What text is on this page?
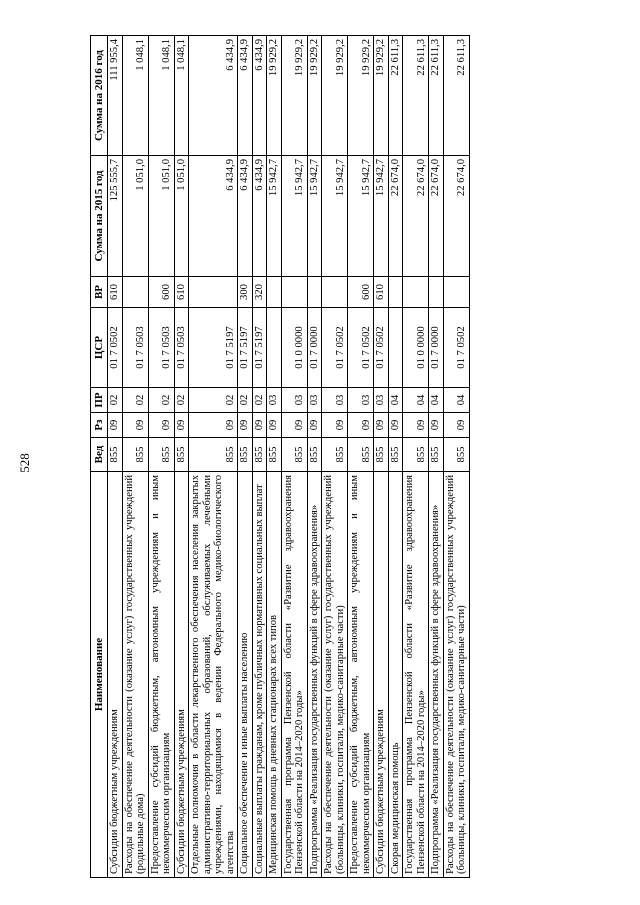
528
Наименование	Вед	Рз	ПР	ЦСР	ВР	Сумма на 2015 год	Сумма на 2016 год
Субсидии бюджетным учреждениям	855	09	02	01 7 0502	610	125 555,7	111 955,4
Расходы на обеспечение деятельности (оказание услуг) государственных учреждений (родильные дома)	855	09	02	01 7 0503		1 051,0	1 048,1
Предоставление субсидий бюджетным, автономным учреждениям и иным некоммерческим организациям	855	09	02	01 7 0503	600	1 051,0	1 048,1
Субсидии бюджетным учреждениям	855	09	02	01 7 0503	610	1 051,0	1 048,1
Отдельные полномочия в области лекарственного обеспечения населения закрытых административно-территориальных образований, обслуживаемых лечебными учреждениями, находящимися в ведении Федерального медико-биологического агентства	855	09	02	01 7 5197		6 434,9	6 434,9
Социальное обеспечение и иные выплаты населению	855	09	02	01 7 5197	300	6 434,9	6 434,9
Социальные выплаты гражданам, кроме публичных нормативных социальных выплат	855	09	02	01 7 5197	320	6 434,9	6 434,9
Медицинская помощь в дневных стационарах всех типов	855	09	03			15 942,7	19 929,2
Государственная программа Пензенской области «Развитие здравоохранения Пензенской области на 2014–2020 годы»	855	09	03	01 0 0000		15 942,7	19 929,2
Подпрограмма «Реализация государственных функций в сфере здравоохранения»	855	09	03	01 7 0000		15 942,7	19 929,2
Расходы на обеспечение деятельности (оказание услуг) государственных учреждений (больницы, клиники, госпитали, медико-санитарные части)	855	09	03	01 7 0502		15 942,7	19 929,2
Предоставление субсидий бюджетным, автономным учреждениям и иным некоммерческим организациям	855	09	03	01 7 0502	600	15 942,7	19 929,2
Субсидии бюджетным учреждениям	855	09	03	01 7 0502	610	15 942,7	19 929,2
Скорая медицинская помощь	855	09	04			22 674,0	22 611,3
Государственная программа Пензенской области «Развитие здравоохранения Пензенской области на 2014–2020 годы»	855	09	04	01 0 0000		22 674,0	22 611,3
Подпрограмма «Реализация государственных функций в сфере здравоохранения»	855	09	04	01 7 0000		22 674,0	22 611,3
Расходы на обеспечение деятельности (оказание услуг) государственных учреждений (больницы, клиники, госпитали, медико-санитарные части)	855	09	04	01 7 0502		22 674,0	22 611,3
